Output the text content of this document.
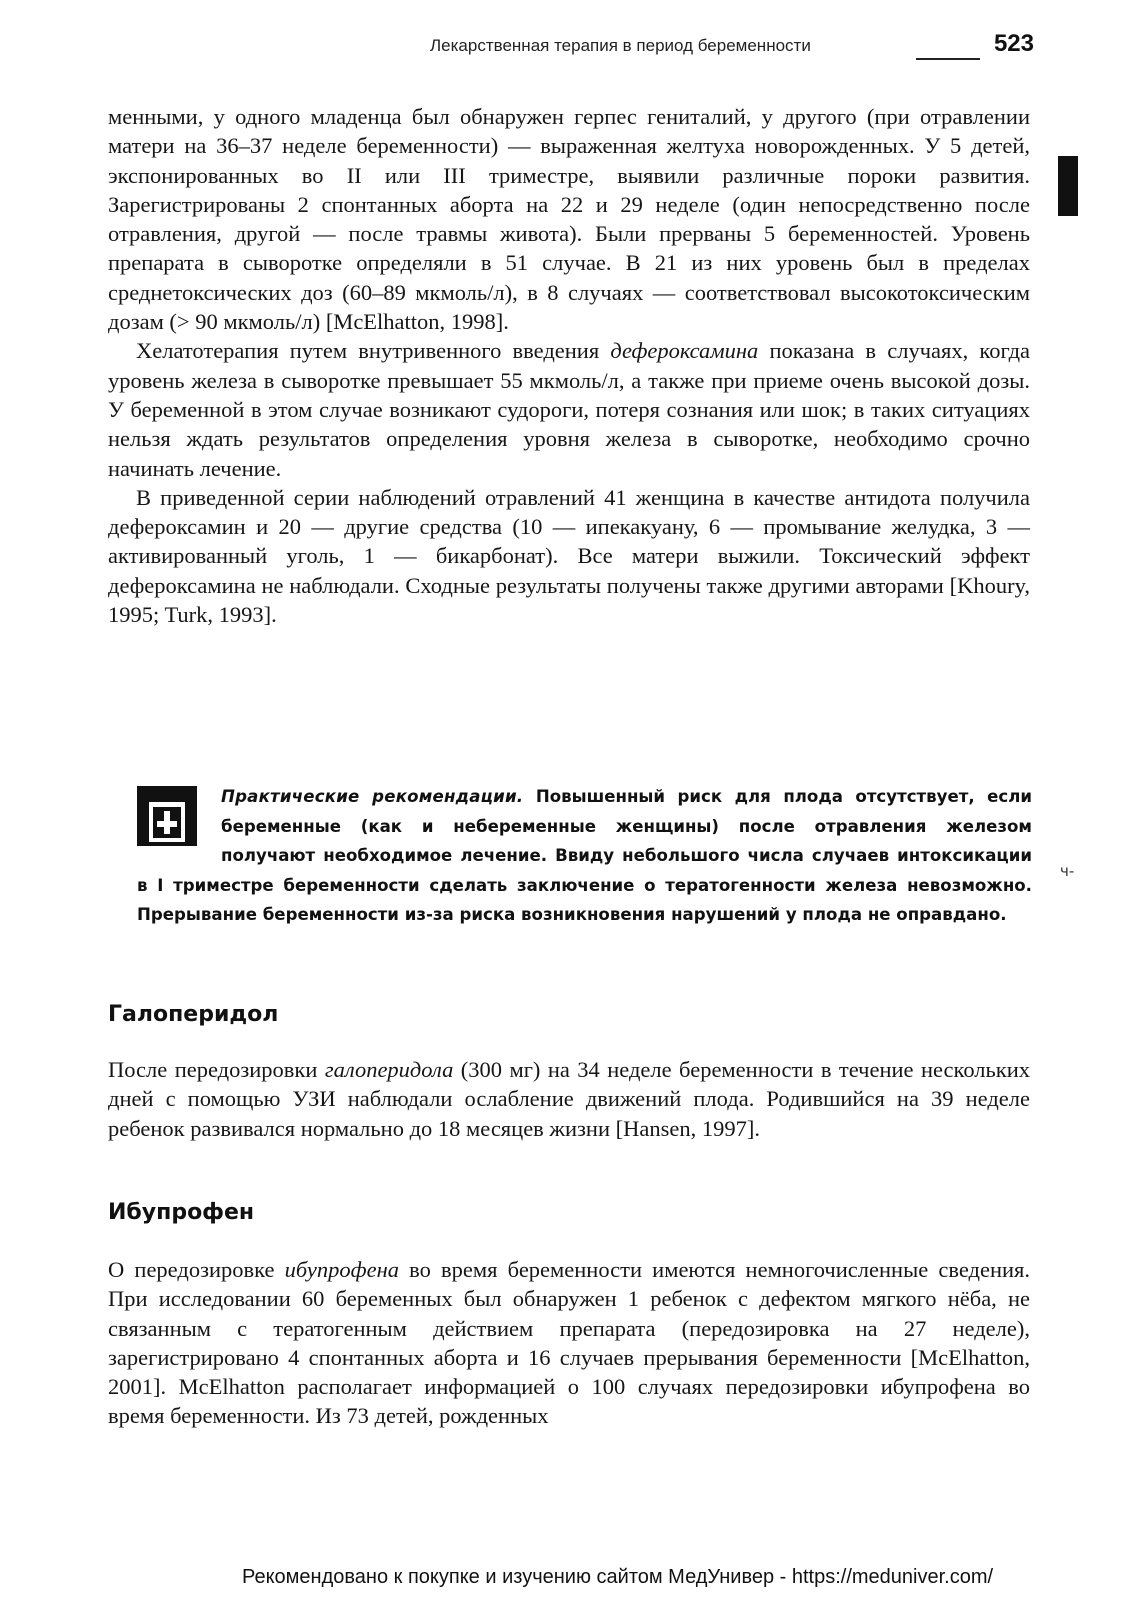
Лекарственная терапия в период беременности	523

менными, у одного младенца был обнаружен герпес гениталий, у другого (при отравлении матери на 36–37 неделе беременности) — выраженная желтуха новорожденных. У 5 детей, экспонированных во II или III триместре, выявили различные пороки развития. Зарегистрированы 2 спонтанных аборта на 22 и 29 неделе (один непосредственно после отравления, другой — после травмы живота). Были прерваны 5 беременностей. Уровень препарата в сыворотке определяли в 51 случае. В 21 из них уровень был в пределах среднетоксических доз (60–89 мкмоль/л), в 8 случаях — соответствовал высокотоксическим дозам (> 90 мкмоль/л) [McElhatton, 1998].

Хелатотерапия путем внутривенного введения дефероксамина показана в случаях, когда уровень железа в сыворотке превышает 55 мкмоль/л, а также при приеме очень высокой дозы. У беременной в этом случае возникают судороги, потеря сознания или шок; в таких ситуациях нельзя ждать результатов определения уровня железа в сыворотке, необходимо срочно начинать лечение.

В приведенной серии наблюдений отравлений 41 женщина в качестве антидота получила дефероксамин и 20 — другие средства (10 — ипекакуану, 6 — промывание желудка, 3 — активированный уголь, 1 — бикарбонат). Все матери выжили. Токсический эффект дефероксамина не наблюдали. Сходные результаты получены также другими авторами [Khoury, 1995; Turk, 1993].

Практические рекомендации. Повышенный риск для плода отсутствует, если беременные (как и небеременные женщины) после отравления железом получают необходимое лечение. Ввиду небольшого числа случаев интоксикации в I триместре беременности сделать заключение о тератогенности железа невозможно. Прерывание беременности из-за риска возникновения нарушений у плода не оправдано.
ч-
Галоперидол

После передозировки галоперидола (300 мг) на 34 неделе беременности в течение нескольких дней с помощью УЗИ наблюдали ослабление движений плода. Родившийся на 39 неделе ребенок развивался нормально до 18 месяцев жизни [Hansen, 1997].

Ибупрофен

О передозировке ибупрофена во время беременности имеются немногочисленные сведения. При исследовании 60 беременных был обнаружен 1 ребенок с дефектом мягкого нёба, не связанным с тератогенным действием препарата (передозировка на 27 неделе), зарегистрировано 4 спонтанных аборта и 16 случаев прерывания беременности [McElhatton, 2001]. McElhatton располагает информацией о 100 случаях передозировки ибупрофена во время беременности. Из 73 детей, рожденных

Рекомендовано к покупке и изучению сайтом МедУнивер - https://meduniver.com/
